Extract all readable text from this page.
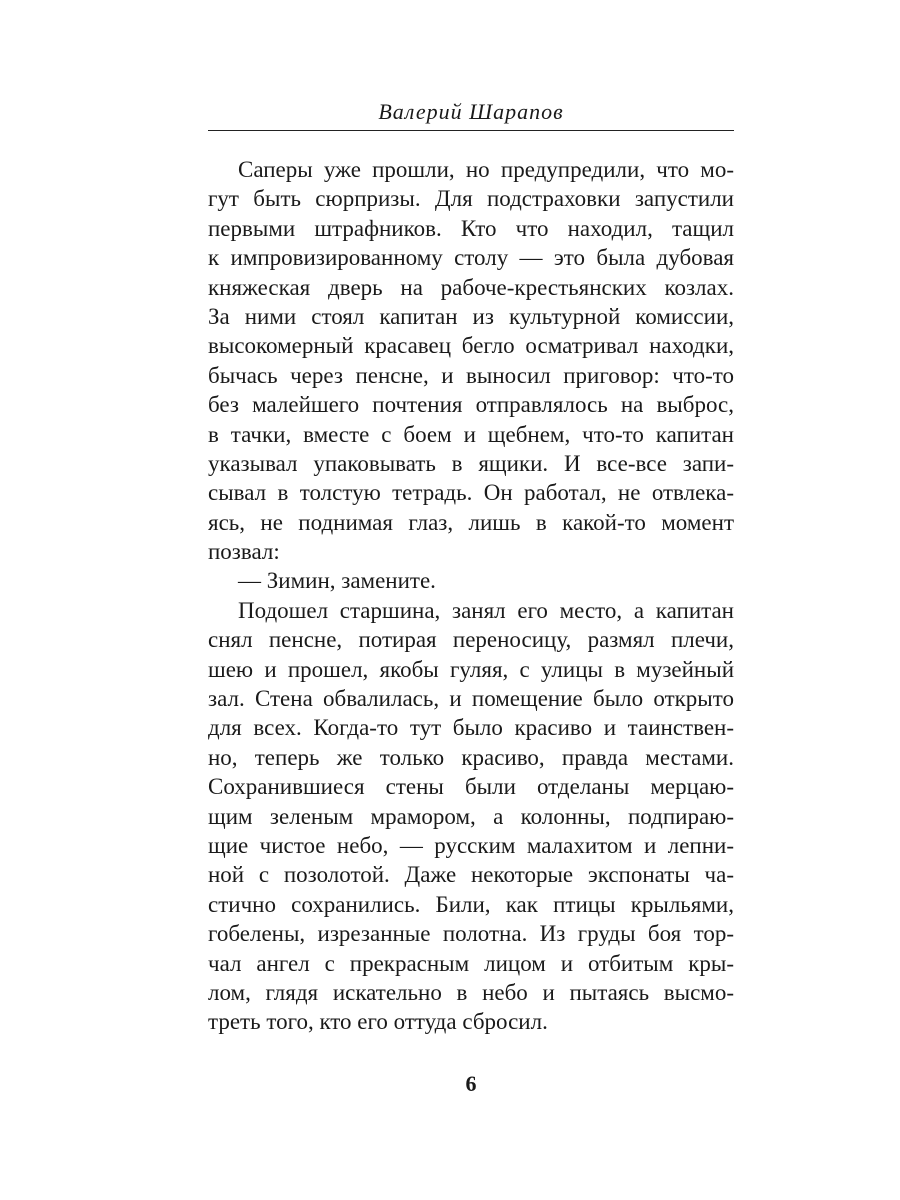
Валерий Шарапов
Саперы уже прошли, но предупредили, что мо-
гут быть сюрпризы. Для подстраховки запустили
первыми штрафников. Кто что находил, тащил
к импровизированному столу — это была дубовая
княжеская дверь на рабоче-крестьянских козлах.
За ними стоял капитан из культурной комиссии,
высокомерный красавец бегло осматривал находки,
бычась через пенсне, и выносил приговор: что-то
без малейшего почтения отправлялось на выброс,
в тачки, вместе с боем и щебнем, что-то капитан
указывал упаковывать в ящики. И все-все запи-
сывал в толстую тетрадь. Он работал, не отвлека-
ясь, не поднимая глаз, лишь в какой-то момент
позвал:
— Зимин, замените.
Подошел старшина, занял его место, а капитан
снял пенсне, потирая переносицу, размял плечи,
шею и прошел, якобы гуляя, с улицы в музейный
зал. Стена обвалилась, и помещение было открыто
для всех. Когда-то тут было красиво и таинствен-
но, теперь же только красиво, правда местами.
Сохранившиеся стены были отделаны мерцаю-
щим зеленым мрамором, а колонны, подпираю-
щие чистое небо, — русским малахитом и лепни-
ной с позолотой. Даже некоторые экспонаты ча-
стично сохранились. Били, как птицы крыльями,
гобелены, изрезанные полотна. Из груды боя тор-
чал ангел с прекрасным лицом и отбитым кры-
лом, глядя искательно в небо и пытаясь высмо-
треть того, кто его оттуда сбросил.
6
